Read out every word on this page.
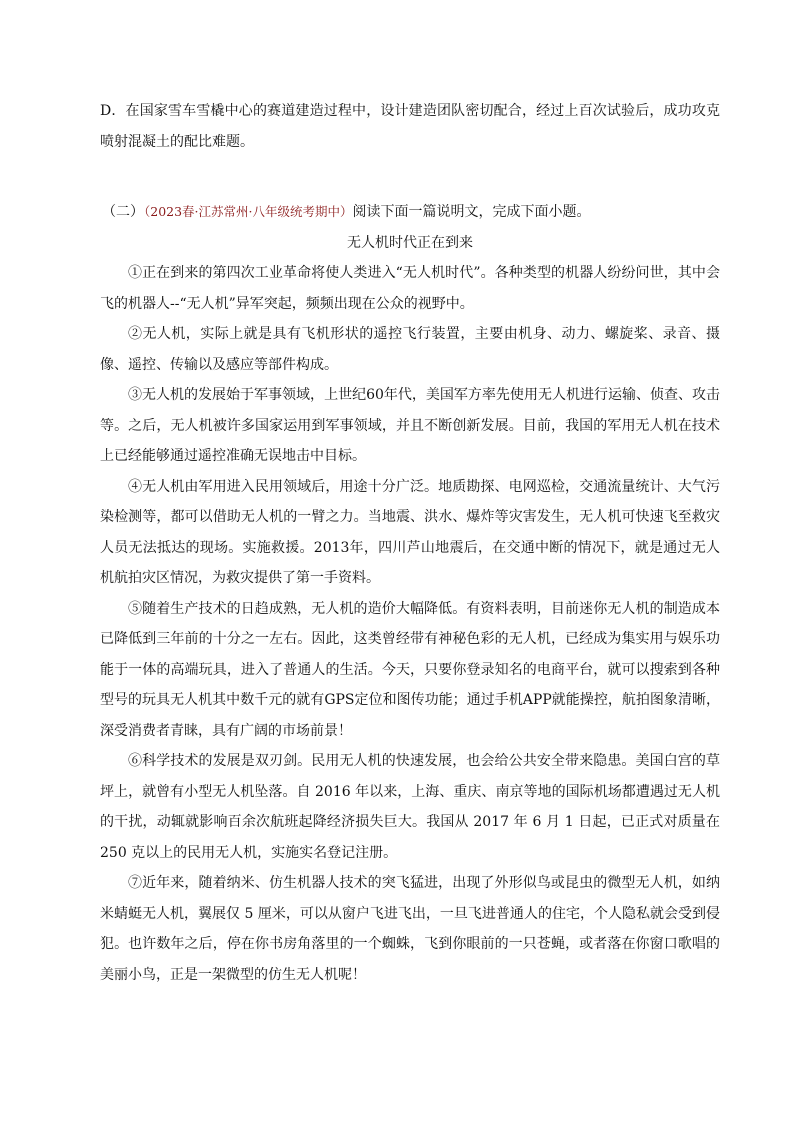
D．在国家雪车雪橇中心的赛道建造过程中，设计建造团队密切配合，经过上百次试验后，成功攻克喷射混凝土的配比难题。

（二）（2023春·江苏常州·八年级统考期中）阅读下面一篇说明文，完成下面小题。

无人机时代正在到来

①正在到来的第四次工业革命将使人类进入“无人机时代”。各种类型的机器人纷纷问世，其中会飞的机器人--“无人机”异军突起，频频出现在公众的视野中。

②无人机，实际上就是具有飞机形状的遥控飞行装置，主要由机身、动力、螺旋桨、录音、摄像、遥控、传输以及感应等部件构成。

③无人机的发展始于军事领域，上世纪60年代，美国军方率先使用无人机进行运输、侦查、攻击等。之后，无人机被许多国家运用到军事领域，并且不断创新发展。目前，我国的军用无人机在技术上已经能够通过遥控准确无误地击中目标。

④无人机由军用进入民用领域后，用途十分广泛。地质勘探、电网巡检，交通流量统计、大气污染检测等，都可以借助无人机的一臂之力。当地震、洪水、爆炸等灾害发生，无人机可快速飞至救灾人员无法抵达的现场。实施救援。2013年，四川芦山地震后，在交通中断的情况下，就是通过无人机航拍灾区情况，为救灾提供了第一手资料。

⑤随着生产技术的日趋成熟，无人机的造价大幅降低。有资料表明，目前迷你无人机的制造成本已降低到三年前的十分之一左右。因此，这类曾经带有神秘色彩的无人机，已经成为集实用与娱乐功能于一体的高端玩具，进入了普通人的生活。今天，只要你登录知名的电商平台，就可以搜索到各种型号的玩具无人机其中数千元的就有GPS定位和图传功能；通过手机APP就能操控，航拍图象清晰，深受消费者青睐，具有广阔的市场前景！

⑥科学技术的发展是双刃剑。民用无人机的快速发展，也会给公共安全带来隐患。美国白宫的草坪上，就曾有小型无人机坠落。自 2016 年以来，上海、重庆、南京等地的国际机场都遭遇过无人机的干扰，动辄就影响百余次航班起降经济损失巨大。我国从 2017 年 6 月 1 日起，已正式对质量在 250 克以上的民用无人机，实施实名登记注册。

⑦近年来，随着纳米、仿生机器人技术的突飞猛进，出现了外形似鸟或昆虫的微型无人机，如纳米蜻蜓无人机，翼展仅 5 厘米，可以从窗户飞进飞出，一旦飞进普通人的住宅，个人隐私就会受到侵犯。也许数年之后，停在你书房角落里的一个蜘蛛，飞到你眼前的一只苍蝇，或者落在你窗口歌唱的美丽小鸟，正是一架微型的仿生无人机呢！
